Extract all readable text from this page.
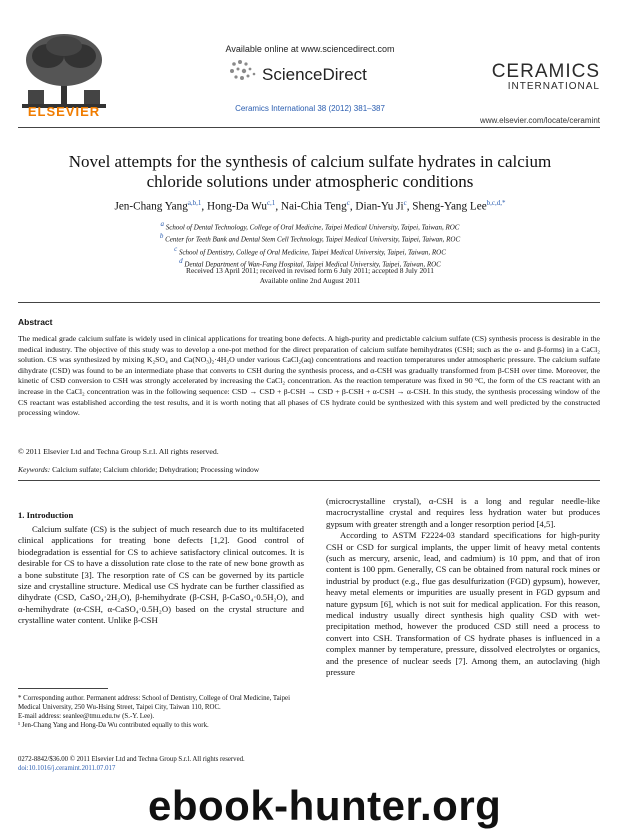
ELSEVIER
Available online at www.sciencedirect.com
ScienceDirect
Ceramics International 38 (2012) 381–387
CERAMICS
INTERNATIONAL
www.elsevier.com/locate/ceramint
Novel attempts for the synthesis of calcium sulfate hydrates in calcium chloride solutions under atmospheric conditions
Jen-Chang Yang$^{a,b,1}$, Hong-Da Wu$^{c,1}$, Nai-Chia Teng$^c$, Dian-Yu Ji$^c$, Sheng-Yang Lee$^{b,c,d,*}$
$^a$ School of Dental Technology, College of Oral Medicine, Taipei Medical University, Taipei, Taiwan, ROC
$^b$ Center for Teeth Bank and Dental Stem Cell Technology, Taipei Medical University, Taipei, Taiwan, ROC
$^c$ School of Dentistry, College of Oral Medicine, Taipei Medical University, Taipei, Taiwan, ROC
$^d$ Dental Department of Wan-Fang Hospital, Taipei Medical University, Taipei, Taiwan, ROC
Received 13 April 2011; received in revised form 6 July 2011; accepted 8 July 2011
Available online 2nd August 2011
Abstract
The medical grade calcium sulfate is widely used in clinical applications for treating bone defects. A high-purity and predictable calcium sulfate (CS) synthesis process is desirable in the medical industry. The objective of this study was to develop a one-pot method for the direct preparation of calcium sulfate hemihydrates (CSH; such as the α- and β-forms) in a CaCl₂ solution. CS was synthesized by mixing K₂SO₄ and Ca(NO₃)₂·4H₂O under various CaCl₂(aq) concentrations and reaction temperatures under atmospheric pressure. The calcium sulfate dihydrate (CSD) was found to be an intermediate phase that converts to CSH during the synthesis process, and α-CSH was gradually transformed from β-CSH over time. Moreover, the kinetic of CSD conversion to CSH was strongly accelerated by increasing the CaCl₂ concentration. As the reaction temperature was fixed in 90 °C, the form of the CS reactant with an increase in the CaCl₂ concentration was in the following sequence: CSD → CSD + β-CSH → CSD + β-CSH + α-CSH → α-CSH. In this study, the synthesis processing window of the CS reactant was established according the test results, and it is worth noting that all phases of CS hydrate could be synthesized with this system and well predicted by the constructed processing window.
© 2011 Elsevier Ltd and Techna Group S.r.l. All rights reserved.
Keywords: Calcium sulfate; Calcium chloride; Dehydration; Processing window
1. Introduction
Calcium sulfate (CS) is the subject of much research due to its multifaceted clinical applications for treating bone defects [1,2]. Good control of biodegradation is essential for CS to achieve satisfactory clinical outcomes. It is desirable for CS to have a dissolution rate close to the rate of new bone growth as a bone substitute [3]. The resorption rate of CS can be governed by its particle size and crystalline structure. Medical use CS hydrate can be further classified as dihydrate (CSD, CaSO₄·2H₂O), β-hemihydrate (β-CSH, β-CaSO₄·0.5H₂O), and α-hemihydrate (α-CSH, α-CaSO₄·0.5H₂O) based on the crystal structure and crystalline water content. Unlike β-CSH
(microcrystalline crystal), α-CSH is a long and regular needle-like macrocrystalline crystal and requires less hydration water but produces gypsum with greater strength and a longer resorption period [4,5].
According to ASTM F2224-03 standard specifications for high-purity CSH or CSD for surgical implants, the upper limit of heavy metal contents (such as mercury, arsenic, lead, and cadmium) is 10 ppm, and that of iron content is 100 ppm. Generally, CS can be obtained from natural rock mines or industrial by product (e.g., flue gas desulfurization (FGD) gypsum), however, heavy metal elements or impurities are usually present in FGD gypsum and nature gypsum [6], which is not suit for medical application. For this reason, medical industry usually direct synthesis high quality CSD with wet-precipitation method, however the produced CSD still need a process to convert into CSH. Transformation of CS hydrate phases is influenced in a complex manner by temperature, pressure, dissolved electrolytes or organics, and the presence of nuclear seeds [7]. Among them, an autoclaving (high pressure
* Corresponding author. Permanent address: School of Dentistry, College of Oral Medicine, Taipei Medical University, 250 Wu-Hsing Street, Taipei City, Taiwan 110, ROC.
E-mail address: seanlee@tmu.edu.tw (S.-Y. Lee).
¹ Jen-Chang Yang and Hong-Da Wu contributed equally to this work.
0272-8842/$36.00 © 2011 Elsevier Ltd and Techna Group S.r.l. All rights reserved.
doi:10.1016/j.ceramint.2011.07.017
ebook-hunter.org
